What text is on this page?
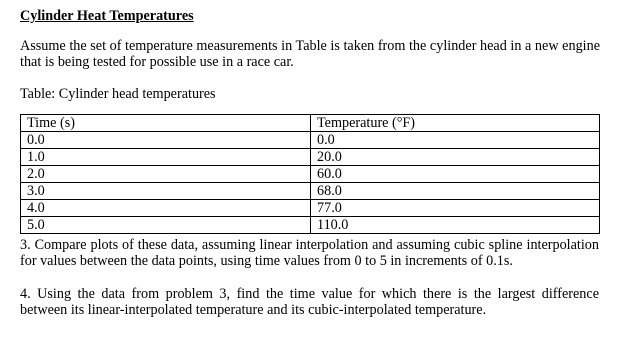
Cylinder Heat Temperatures
Assume the set of temperature measurements in Table is taken from the cylinder head in a new engine that is being tested for possible use in a race car.
Table: Cylinder head temperatures
Time (s)	Temperature (°F)
0.0	0.0
1.0	20.0
2.0	60.0
3.0	68.0
4.0	77.0
5.0	110.0
3. Compare plots of these data, assuming linear interpolation and assuming cubic spline interpolation for values between the data points, using time values from 0 to 5 in increments of 0.1s.
4. Using the data from problem 3, find the time value for which there is the largest difference between its linear-interpolated temperature and its cubic-interpolated temperature.
